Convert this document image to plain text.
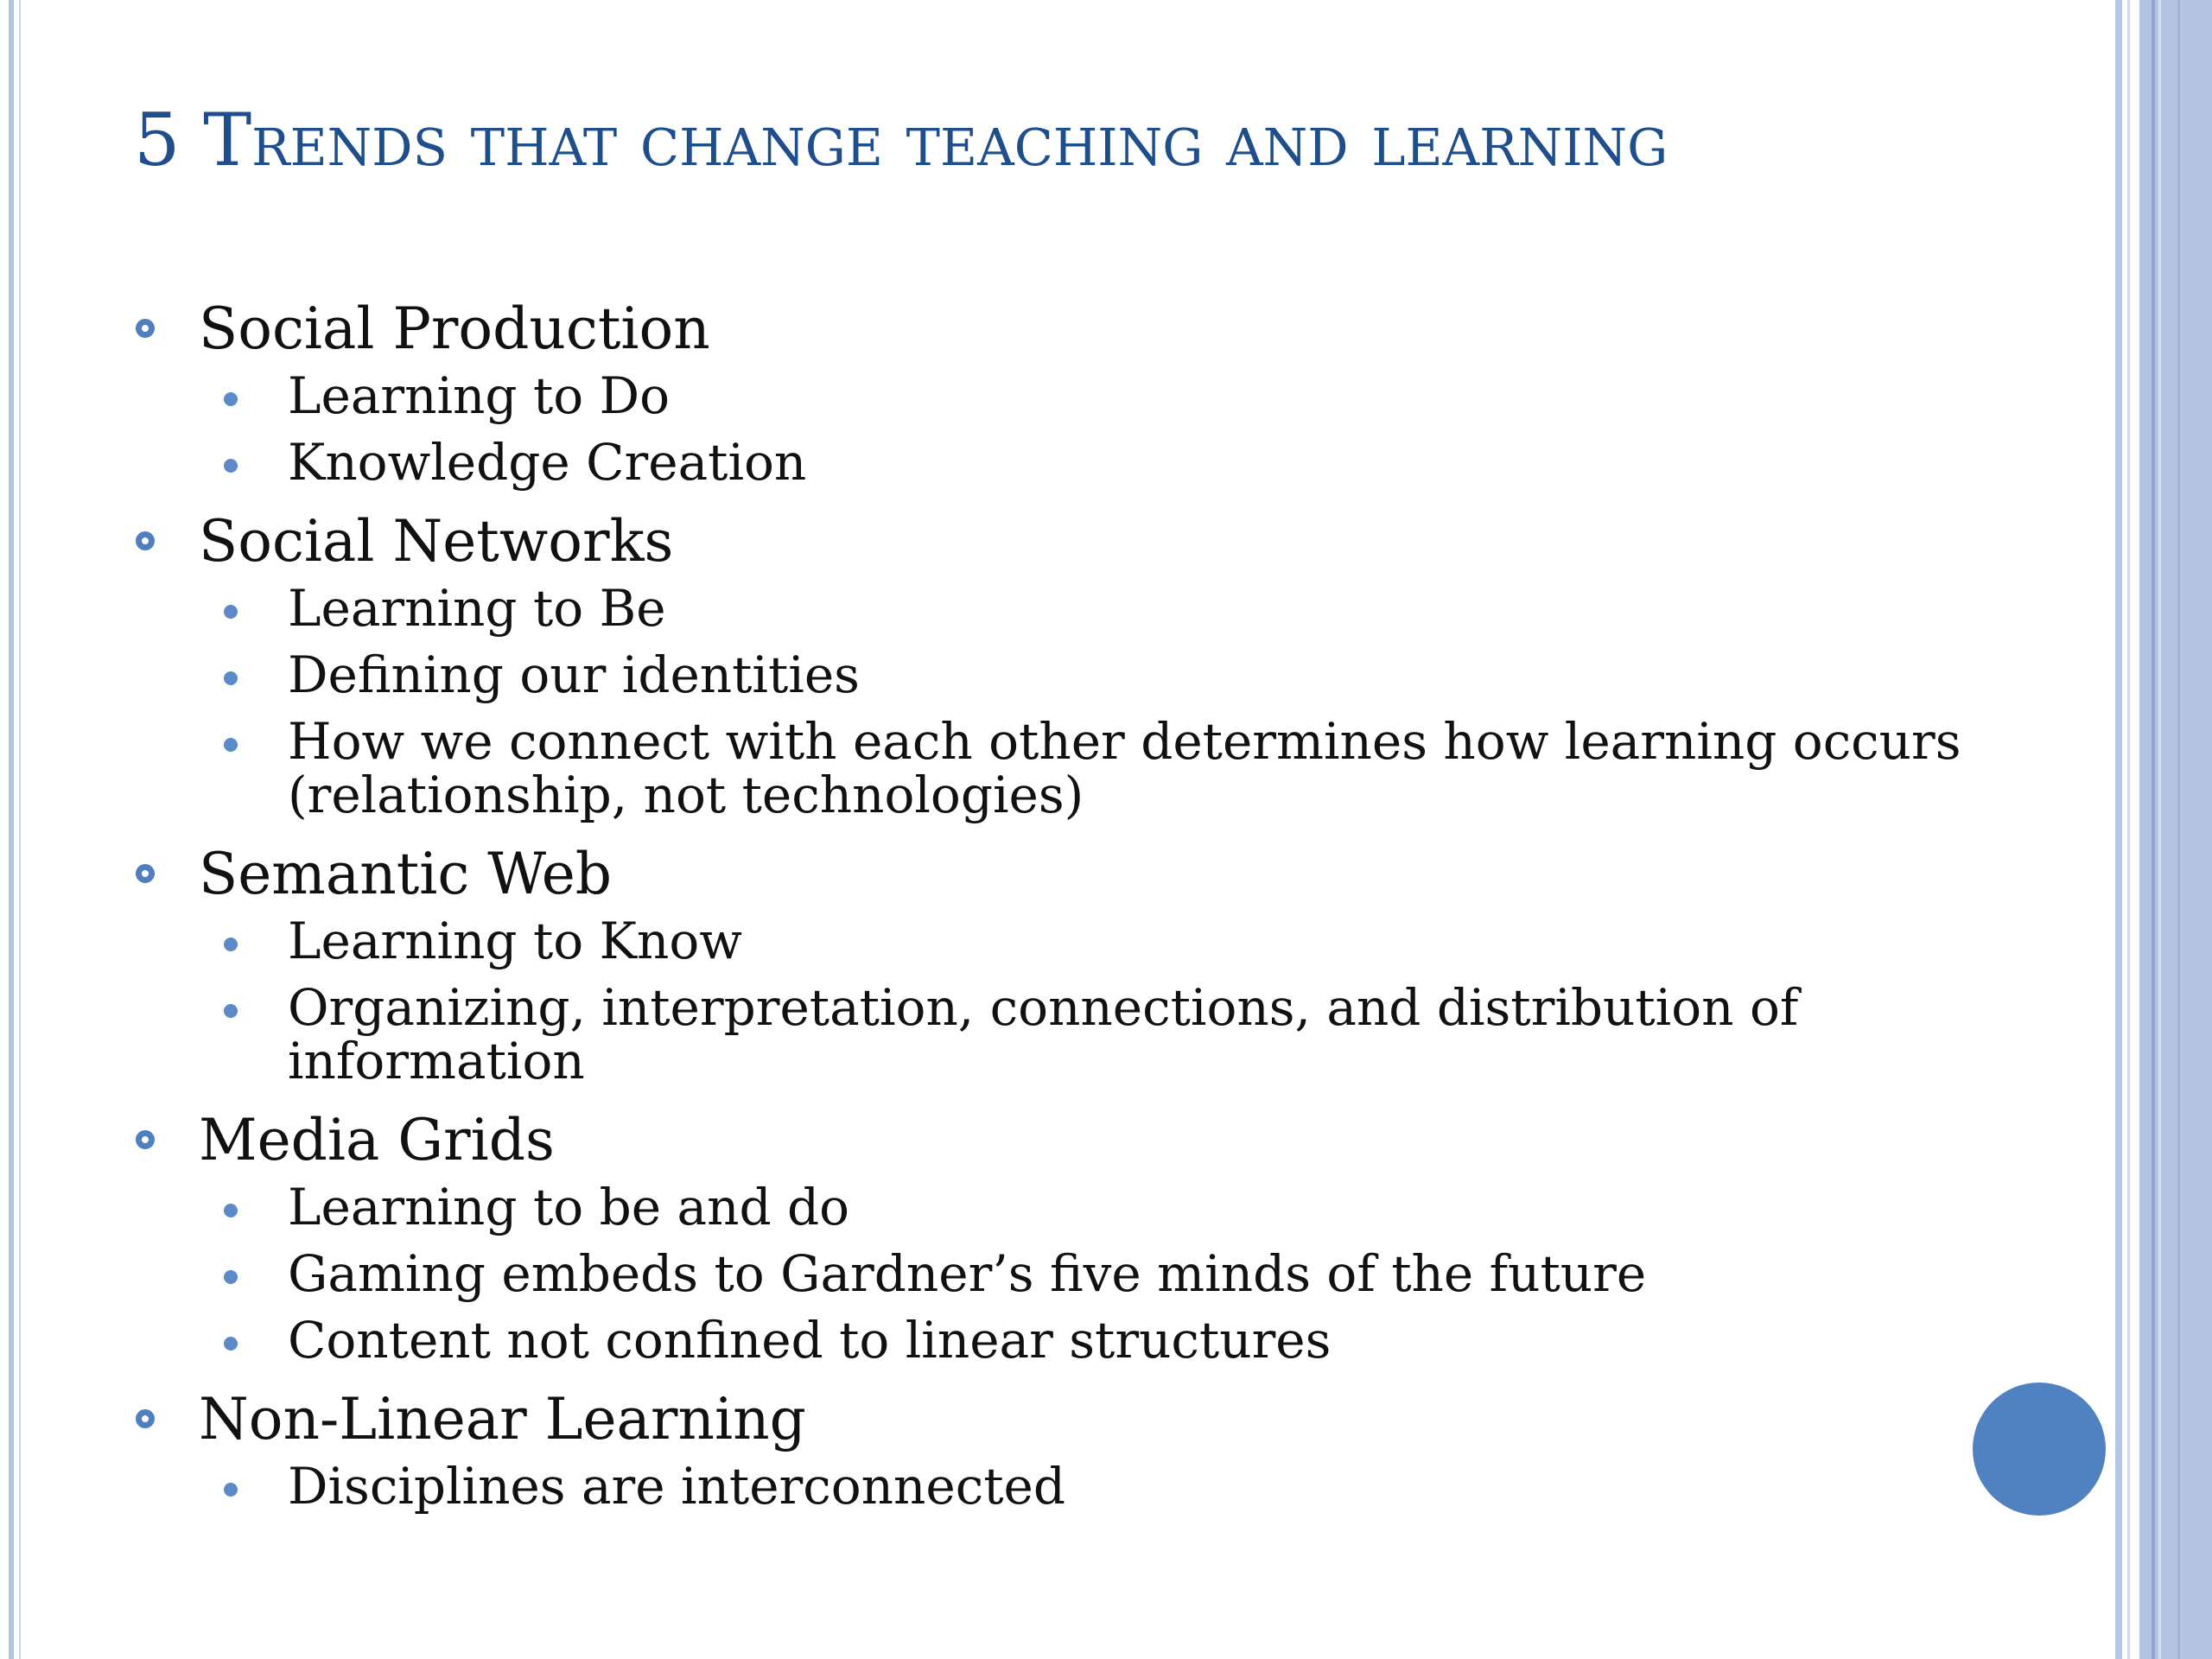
5 Trends that change teaching and learning
Social Production
Learning to Do
Knowledge Creation
Social Networks
Learning to Be
Defining our identities
How we connect with each other determines how learning occurs (relationship, not technologies)
Semantic Web
Learning to Know
Organizing, interpretation, connections, and distribution of information
Media Grids
Learning to be and do
Gaming embeds to Gardner’s five minds of the future
Content not confined to linear structures
Non-Linear Learning
Disciplines are interconnected
